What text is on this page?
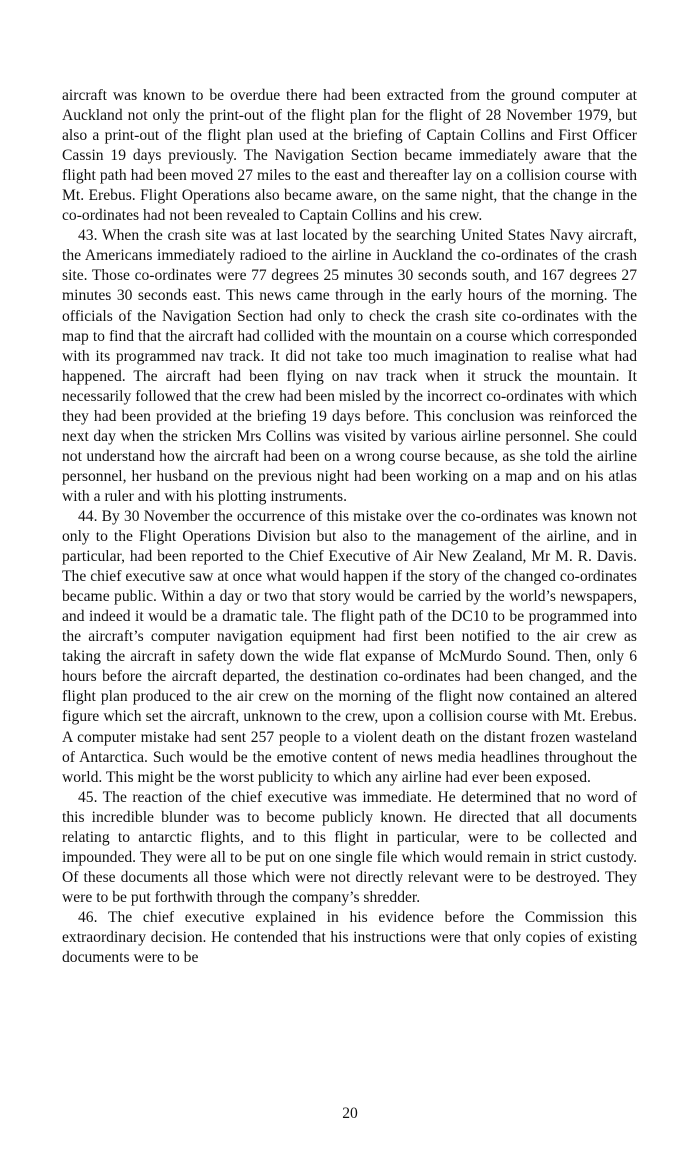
aircraft was known to be overdue there had been extracted from the ground computer at Auckland not only the print-out of the flight plan for the flight of 28 November 1979, but also a print-out of the flight plan used at the briefing of Captain Collins and First Officer Cassin 19 days previously. The Navigation Section became immediately aware that the flight path had been moved 27 miles to the east and thereafter lay on a collision course with Mt. Erebus. Flight Operations also became aware, on the same night, that the change in the co-ordinates had not been revealed to Captain Collins and his crew.

43. When the crash site was at last located by the searching United States Navy aircraft, the Americans immediately radioed to the airline in Auckland the co-ordinates of the crash site. Those co-ordinates were 77 degrees 25 minutes 30 seconds south, and 167 degrees 27 minutes 30 seconds east. This news came through in the early hours of the morning. The officials of the Navigation Section had only to check the crash site co-ordinates with the map to find that the aircraft had collided with the mountain on a course which corresponded with its programmed nav track. It did not take too much imagination to realise what had happened. The aircraft had been flying on nav track when it struck the mountain. It necessarily followed that the crew had been misled by the incorrect co-ordinates with which they had been provided at the briefing 19 days before. This conclusion was reinforced the next day when the stricken Mrs Collins was visited by various airline personnel. She could not understand how the aircraft had been on a wrong course because, as she told the airline personnel, her husband on the previous night had been working on a map and on his atlas with a ruler and with his plotting instruments.

44. By 30 November the occurrence of this mistake over the co-ordinates was known not only to the Flight Operations Division but also to the management of the airline, and in particular, had been reported to the Chief Executive of Air New Zealand, Mr M. R. Davis. The chief executive saw at once what would happen if the story of the changed co-ordinates became public. Within a day or two that story would be carried by the world’s newspapers, and indeed it would be a dramatic tale. The flight path of the DC10 to be programmed into the aircraft’s computer navigation equipment had first been notified to the air crew as taking the aircraft in safety down the wide flat expanse of McMurdo Sound. Then, only 6 hours before the aircraft departed, the destination co-ordinates had been changed, and the flight plan produced to the air crew on the morning of the flight now contained an altered figure which set the aircraft, unknown to the crew, upon a collision course with Mt. Erebus. A computer mistake had sent 257 people to a violent death on the distant frozen wasteland of Antarctica. Such would be the emotive content of news media headlines throughout the world. This might be the worst publicity to which any airline had ever been exposed.

45. The reaction of the chief executive was immediate. He determined that no word of this incredible blunder was to become publicly known. He directed that all documents relating to antarctic flights, and to this flight in particular, were to be collected and impounded. They were all to be put on one single file which would remain in strict custody. Of these documents all those which were not directly relevant were to be destroyed. They were to be put forthwith through the company’s shredder.

46. The chief executive explained in his evidence before the Commission this extraordinary decision. He contended that his instructions were that only copies of existing documents were to be

20
